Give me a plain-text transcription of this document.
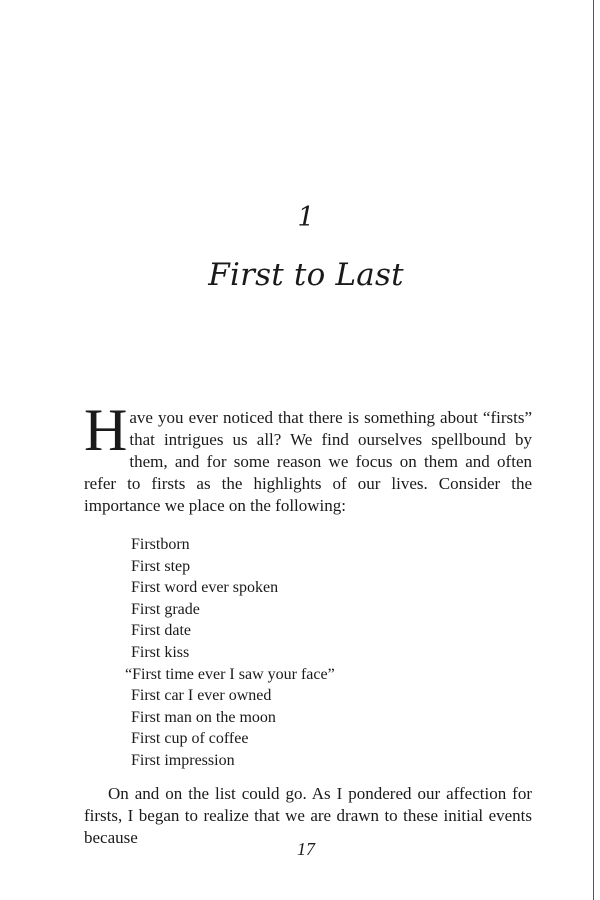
1
First to Last
Have you ever noticed that there is something about “firsts” that intrigues us all? We find ourselves spellbound by them, and for some reason we focus on them and often refer to firsts as the highlights of our lives. Consider the importance we place on the following:
Firstborn
First step
First word ever spoken
First grade
First date
First kiss
“First time ever I saw your face”
First car I ever owned
First man on the moon
First cup of coffee
First impression
On and on the list could go. As I pondered our affection for firsts, I began to realize that we are drawn to these initial events because
17
